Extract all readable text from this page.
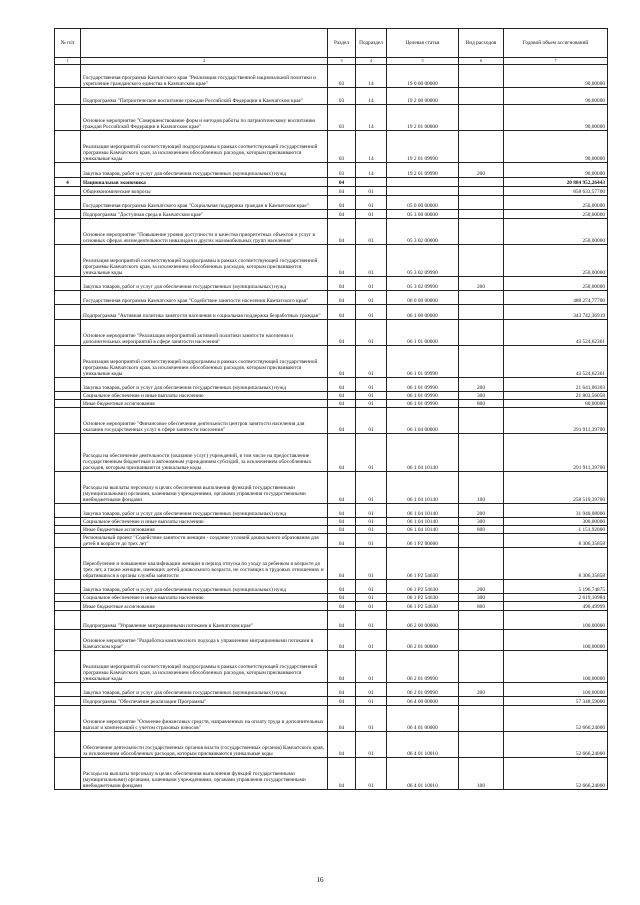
№ п/п		Раздел	Подраздел	Целевая статья	Вид расходов	Годовой объем ассигнований
1	2	3	4	5	6	7
	Государственная программа Камчатского края "Реализация государственной национальной политики и укрепление гражданского единства в Камчатском крае"	03	14	19 0 00 00000		90,00000
	Подпрограмма "Патриотическое воспитание граждан Российской Федерации в Камчатском крае"	03	14	19 2 00 00000		90,00000
	Основное мероприятие "Совершенствование форм и методов работы по патриотическому воспитанию граждан Российской Федерации в Камчатском крае"	03	14	19 2 01 00000		90,00000
	Реализация мероприятий соответствующей подпрограммы в рамках соответствующей государственной программы Камчатского края, за исключением обособленных расходов, которым присваиваются уникальные коды	03	14	19 2 01 09990		90,00000
	Закупка товаров, работ и услуг для обеспечения государственных (муниципальных) нужд	03	14	19 2 01 09990	200	90,00000
4	Национальная экономика	04				20 884 952,26443
	Общеэкономические вопросы	04	01			858 633,57700
	Государственная программа Камчатского края "Социальная поддержка граждан в Камчатском крае"	04	01	05 0 00 00000		250,00000
	Подпрограмма "Доступная среда в Камчатском крае"	04	01	05 3 00 00000		250,00000
	Основное мероприятие "Повышение уровня доступности и качества приоритетных объектов и услуг в основных сферах жизнедеятельности инвалидов и других маломобильных групп населения"	04	01	05 3 02 00000		250,00000
	Реализация мероприятий соответствующей подпрограммы в рамках соответствующей государственной программы Камчатского края, за исключением обособленных расходов, которым присваиваются уникальные коды	04	01	05 3 02 09990		250,00000
	Закупка товаров, работ и услуг для обеспечения государственных (муниципальных) нужд	04	01	05 3 02 09990	200	250,00000
	Государственная программа Камчатского края "Содействие занятости населения Камчатского края"	04	01	06 0 00 00000		488 274,77700
	Подпрограмма "Активная политика занятости населения и социальная поддержка безработных граждан"	04	01	06 1 00 00000		343 742,36919
	Основное мероприятие "Реализация мероприятий активной политики занятости населения и дополнительных мероприятий в сфере занятости населения"	04	01	06 1 01 00000		43 524,62361
	Реализация мероприятий соответствующей подпрограммы в рамках соответствующей государственной программы Камчатского края, за исключением обособленных расходов, которым присваиваются уникальные коды	04	01	06 1 01 09990		43 524,62361
	Закупка товаров, работ и услуг для обеспечения государственных (муниципальных) нужд	04	01	06 1 01 09990	200	21 641,06303
	Социальное обеспечение и иные выплаты населению	04	01	06 1 01 09990	300	21 803,56058
	Иные бюджетные ассигнования	04	01	06 1 01 09990	800	80,00000
	Основное мероприятие "Финансовое обеспечение деятельности центров занятости населения для оказания государственных услуг в сфере занятости населения"	04	01	06 1 04 00000		291 911,39700
	Расходы на обеспечение деятельности (оказание услуг) учреждений, в том числе на предоставление государственным бюджетным и автономным учреждениям субсидий, за исключением обособленных расходов, которым присваиваются уникальные коды	04	01	06 1 04 10140		291 911,39700
	Расходы на выплаты персоналу в целях обеспечения выполнения функций государственными (муниципальными) органами, казенными учреждениями, органами управления государственными внебюджетными фондами	04	01	06 1 04 10140	100	258 519,39700
	Закупка товаров, работ и услуг для обеспечения государственных (муниципальных) нужд	04	01	06 1 04 10140	200	31 940,08000
	Социальное обеспечение и иные выплаты населению	04	01	06 1 04 10140	300	300,00000
	Иные бюджетные ассигнования	04	01	06 1 04 10140	800	1 151,92000
	Региональный проект "Содействие занятости женщин - создание условий дошкольного образования для детей в возрасте до трех лет"	04	01	06 1 P2 00000		8 306,35858
	Переобучение и повышение квалификации женщин в период отпуска по уходу за ребенком в возрасте до трех лет, а также женщин, имеющих детей дошкольного возраста, не состоящих в трудовых отношениях и обратившихся в органы службы занятости	04	01	06 1 P2 54630		8 306,35858
	Закупка товаров, работ и услуг для обеспечения государственных (муниципальных) нужд	04	01	06 1 P2 54630	200	5 196,74875
	Социальное обеспечение и иные выплаты населению	04	01	06 1 P2 54630	300	2 619,10984
	Иные бюджетные ассигнования	04	01	06 1 P2 54630	800	490,49999
	Подпрограмма "Управление миграционными потоками в Камчатском крае"	04	01	06 2 00 00000		100,00000
	Основное мероприятие "Разработка комплексного подхода к управлению миграционными потоками в Камчатском крае"	04	01	06 2 01 00000		100,00000
	Реализация мероприятий соответствующей подпрограммы в рамках соответствующей государственной программы Камчатского края, за исключением обособленных расходов, которым присваиваются уникальные коды	04	01	06 2 01 09990		100,00000
	Закупка товаров, работ и услуг для обеспечения государственных (муниципальных) нужд	04	01	06 2 01 09990	200	100,00000
	Подпрограмма "Обеспечение реализации Программы"	04	01	06 4 00 00000		57 348,59000
	Основное мероприятие "Освоение финансовых средств, направленных на оплату труда и дополнительных выплат и компенсаций с учетом страховых взносов"	04	01	06 4 01 00000		52 666,24000
	Обеспечение деятельности государственных органов власти (государственных органов) Камчатского края, за исключением обособленных расходов, которым присваиваются уникальные коды	04	01	06 4 01 10010		52 666,24000
	Расходы на выплаты персоналу в целях обеспечения выполнения функций государственными (муниципальными) органами, казенными учреждениями, органами управления государственными внебюджетными фондами	04	01	06 4 01 10010	100	52 666,24000
16
